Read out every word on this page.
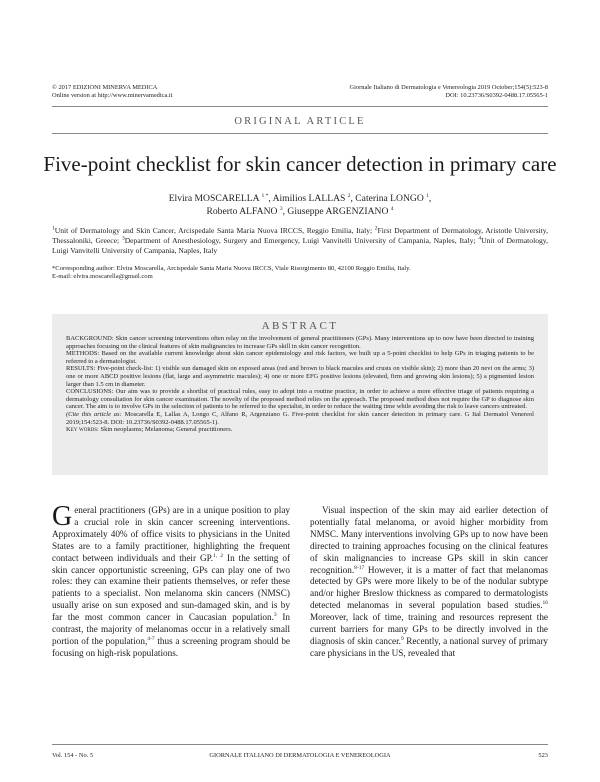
© 2017 EDIZIONI MINERVA MEDICA
Online version at http://www.minervamedica.it
Giornale Italiano di Dermatologia e Venereologia 2019 October;154(5):523-8
DOI: 10.23736/S0392-0488.17.05565-1
ORIGINAL ARTICLE
Five-point checklist for skin cancer detection in primary care
Elvira MOSCARELLA $^{1 *}$, Aimilios LALLAS $^2$, Caterina LONGO $^1$,
Roberto ALFANO $^3$, Giuseppe ARGENZIANO $^4$
$^1$Unit of Dermatology and Skin Cancer, Arcispedale Santa Maria Nuova IRCCS, Reggio Emilia, Italy; $^2$First Department of Dermatology, Aristotle University, Thessaloniki, Greece; $^3$Department of Anesthesiology, Surgery and Emergency, Luigi Vanvitelli University of Campania, Naples, Italy; $^4$Unit of Dermatology, Luigi Vanvitelli University of Campania, Naples, Italy
*Corresponding author: Elvira Moscarella, Arcispedale Santa Maria Nuova IRCCS, Viale Risorgimento 80, 42100 Reggio Emilia, Italy.
E-mail: elvira.moscarella@gmail.com
ABSTRACT

BACKGROUND: Skin cancer screening interventions often relay on the involvement of general practitioners (GPs). Many interventions up to now have been directed to training approaches focusing on the clinical features of skin malignancies to increase GPs skill in skin cancer recognition.

METHODS: Based on the available current knowledge about skin cancer epidemiology and risk factors, we built up a 5-point checklist to help GPs in triaging patients to be referred to a dermatologist.

RESULTS: Five-point check-list: 1) visible sun damaged skin on exposed areas (red and brown to black macules and crusts on visible skin); 2) more than 20 nevi on the arms; 3) one or more ABCD positive lesions (flat, large and asymmetric macules); 4) one or more EFG positive lesions (elevated, firm and growing skin lesions); 5) a pigmented lesion larger than 1.5 cm in diameter.

CONCLUSIONS: Our aim was to provide a shortlist of practical rules, easy to adopt into a routine practice, in order to achieve a more effective triage of patients requiring a dermatology consultation for skin cancer examination. The novelty of the proposed method relies on the approach. The proposed method does not require the GP to diagnose skin cancer. The aim is to involve GPs in the selection of patients to be referred to the specialist, in order to reduce the waiting time while avoiding the risk to leave cancers untreated.

(Cite this article as: Moscarella E, Lallas A, Longo C, Alfano R, Argenziano G. Five-point checklist for skin cancer detection in primary care. G Ital Dermatol Venereol 2019;154:523-8. DOI: 10.23736/S0392-0488.17.05565-1).

Key words: Skin neoplasms; Melanoma; General practitioners.

General practitioners (GPs) are in a unique position to play a crucial role in skin cancer screening interventions. Approximately 40% of office visits to physicians in the United States are to a family practitioner, highlighting the frequent contact between individuals and their GP.$^{1, 2}$ In the setting of skin cancer opportunistic screening, GPs can play one of two roles: they can examine their patients themselves, or refer these patients to a specialist. Non melanoma skin cancers (NMSC) usually arise on sun exposed and sun-damaged skin, and is by far the most common cancer in Caucasian population.$^3$ In contrast, the majority of melanomas occur in a relatively small portion of the population,$^{4-7}$ thus a screening program should be focusing on high-risk populations.

Visual inspection of the skin may aid earlier detection of potentially fatal melanoma, or avoid higher morbidity from NMSC. Many interventions involving GPs up to now have been directed to training approaches focusing on the clinical features of skin malignancies to increase GPs skill in skin cancer recognition.$^{8-17}$ However, it is a matter of fact that melanomas detected by GPs were more likely to be of the nodular subtype and/or higher Breslow thickness as compared to dermatologists detected melanomas in several population based studies.$^{16}$ Moreover, lack of time, training and resources represent the current barriers for many GPs to be directly involved in the diagnosis of skin cancer.$^9$ Recently, a national survey of primary care physicians in the US, revealed that

Vol. 154 - No. 5	GIORNALE ITALIANO DI DERMATOLOGIA E VENEREOLOGIA	523
